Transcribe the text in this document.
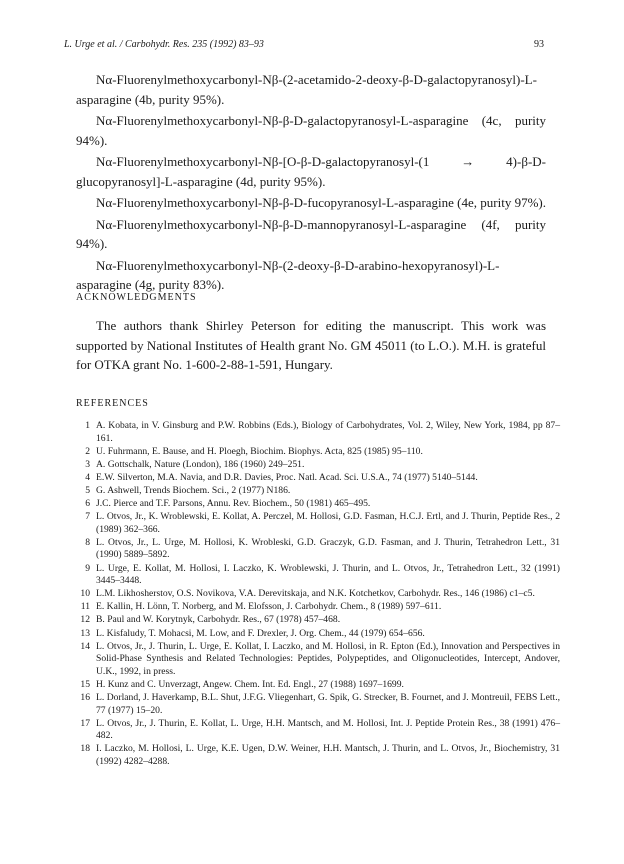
L. Urge et al. / Carbohydr. Res. 235 (1992) 83–93	93

Nα-Fluorenylmethoxycarbonyl-Nβ-(2-acetamido-2-deoxy-β-D-galactopyranosyl)-L-asparagine (4b, purity 95%).

Nα-Fluorenylmethoxycarbonyl-Nβ-β-D-galactopyranosyl-L-asparagine (4c, purity 94%).

Nα-Fluorenylmethoxycarbonyl-Nβ-[O-β-D-galactopyranosyl-(1 → 4)-β-D-glucopyranosyl]-L-asparagine (4d, purity 95%).

Nα-Fluorenylmethoxycarbonyl-Nβ-β-D-fucopyranosyl-L-asparagine (4e, purity 97%).

Nα-Fluorenylmethoxycarbonyl-Nβ-β-D-mannopyranosyl-L-asparagine (4f, purity 94%).

Nα-Fluorenylmethoxycarbonyl-Nβ-(2-deoxy-β-D-arabino-hexopyranosyl)-L-asparagine (4g, purity 83%).

ACKNOWLEDGMENTS

The authors thank Shirley Peterson for editing the manuscript. This work was supported by National Institutes of Health grant No. GM 45011 (to L.O.). M.H. is grateful for OTKA grant No. 1-600-2-88-1-591, Hungary.

REFERENCES
1 A. Kobata, in V. Ginsburg and P.W. Robbins (Eds.), Biology of Carbohydrates, Vol. 2, Wiley, New York, 1984, pp 87–161.
2 U. Fuhrmann, E. Bause, and H. Ploegh, Biochim. Biophys. Acta, 825 (1985) 95–110.
3 A. Gottschalk, Nature (London), 186 (1960) 249–251.
4 E.W. Silverton, M.A. Navia, and D.R. Davies, Proc. Natl. Acad. Sci. U.S.A., 74 (1977) 5140–5144.
5 G. Ashwell, Trends Biochem. Sci., 2 (1977) N186.
6 J.C. Pierce and T.F. Parsons, Annu. Rev. Biochem., 50 (1981) 465–495.
7 L. Otvos, Jr., K. Wroblewski, E. Kollat, A. Perczel, M. Hollosi, G.D. Fasman, H.C.J. Ertl, and J. Thurin, Peptide Res., 2 (1989) 362–366.
8 L. Otvos, Jr., L. Urge, M. Hollosi, K. Wrobleski, G.D. Graczyk, G.D. Fasman, and J. Thurin, Tetrahedron Lett., 31 (1990) 5889–5892.
9 L. Urge, E. Kollat, M. Hollosi, I. Laczko, K. Wroblewski, J. Thurin, and L. Otvos, Jr., Tetrahedron Lett., 32 (1991) 3445–3448.
10 L.M. Likhosherstov, O.S. Novikova, V.A. Derevitskaja, and N.K. Kotchetkov, Carbohydr. Res., 146 (1986) c1–c5.
11 E. Kallin, H. Lönn, T. Norberg, and M. Elofsson, J. Carbohydr. Chem., 8 (1989) 597–611.
12 B. Paul and W. Korytnyk, Carbohydr. Res., 67 (1978) 457–468.
13 L. Kisfaludy, T. Mohacsi, M. Low, and F. Drexler, J. Org. Chem., 44 (1979) 654–656.
14 L. Otvos, Jr., J. Thurin, L. Urge, E. Kollat, I. Laczko, and M. Hollosi, in R. Epton (Ed.), Innovation and Perspectives in Solid-Phase Synthesis and Related Technologies: Peptides, Polypeptides, and Oligonucleotides, Intercept, Andover, U.K., 1992, in press.
15 H. Kunz and C. Unverzagt, Angew. Chem. Int. Ed. Engl., 27 (1988) 1697–1699.
16 L. Dorland, J. Haverkamp, B.L. Shut, J.F.G. Vliegenhart, G. Spik, G. Strecker, B. Fournet, and J. Montreuil, FEBS Lett., 77 (1977) 15–20.
17 L. Otvos, Jr., J. Thurin, E. Kollat, L. Urge, H.H. Mantsch, and M. Hollosi, Int. J. Peptide Protein Res., 38 (1991) 476–482.
18 I. Laczko, M. Hollosi, L. Urge, K.E. Ugen, D.W. Weiner, H.H. Mantsch, J. Thurin, and L. Otvos, Jr., Biochemistry, 31 (1992) 4282–4288.
